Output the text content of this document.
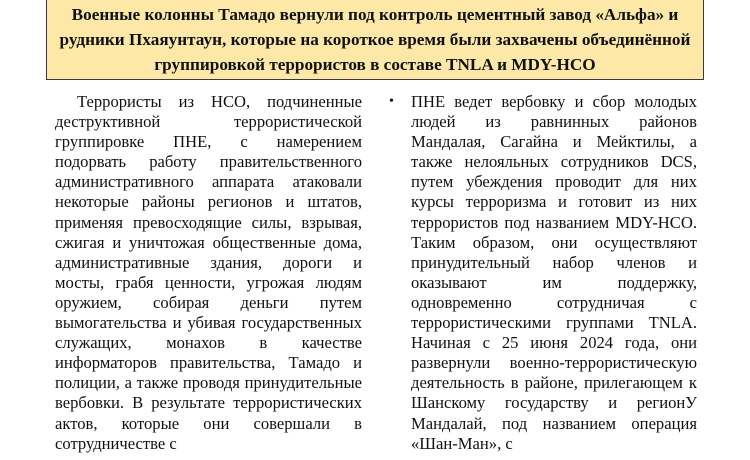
Военные колонны Тамадо вернули под контроль цементный завод «Альфа» и рудники Пхаяунтаун, которые на короткое время были захвачены объединённой группировкой террористов в составе TNLA и MDY-НСО

Террористы из НСО, подчиненные деструктивной террористической группировке ПНЕ, с намерением подорвать работу правительственного административного аппарата атаковали некоторые районы регионов и штатов, применяя превосходящие силы, взрывая, сжигая и уничтожая общественные дома, административные здания, дороги и мосты, грабя ценности, угрожая людям оружием, собирая деньги путем вымогательства и убивая государственных служащих, монахов в качестве информаторов правительства, Тамадо и полиции, а также проводя принудительные вербовки. В результате террористических актов, которые они совершали в сотрудничестве с

• ПНЕ ведет вербовку и сбор молодых людей из равнинных районов Мандалая, Сагайна и Мейктилы, а также нелояльных сотрудников DCS, путем убеждения проводит для них курсы терроризма и готовит из них террористов под названием MDY-НСО. Таким образом, они осуществляют принудительный набор членов и оказывают им поддержку, одновременно сотрудничая с террористическими группами TNLA. Начиная с 25 июня 2024 года, они развернули военно-террористическую деятельность в районе, прилегающем к Шанскому государству и регионУ Мандалай, под названием операция «Шан-Ман», с
